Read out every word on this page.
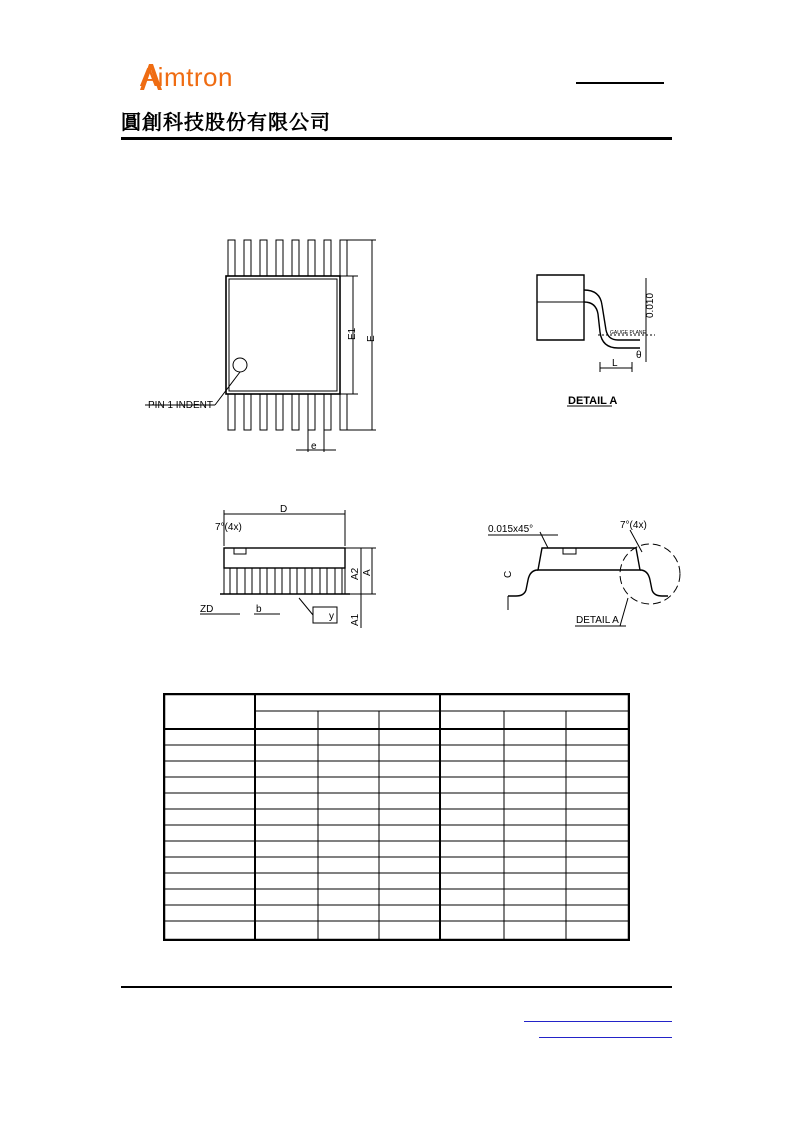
Aimtron
圓創科技股份有限公司
PIN 1 INDENT
E1 E
e
0.010
θ
L
GAUGE PLANE
DETAIL A
D
7°(4x)
ZD	b
A2 A
A1
y
0.015x45°	7°(4x)
C
DETAIL A
